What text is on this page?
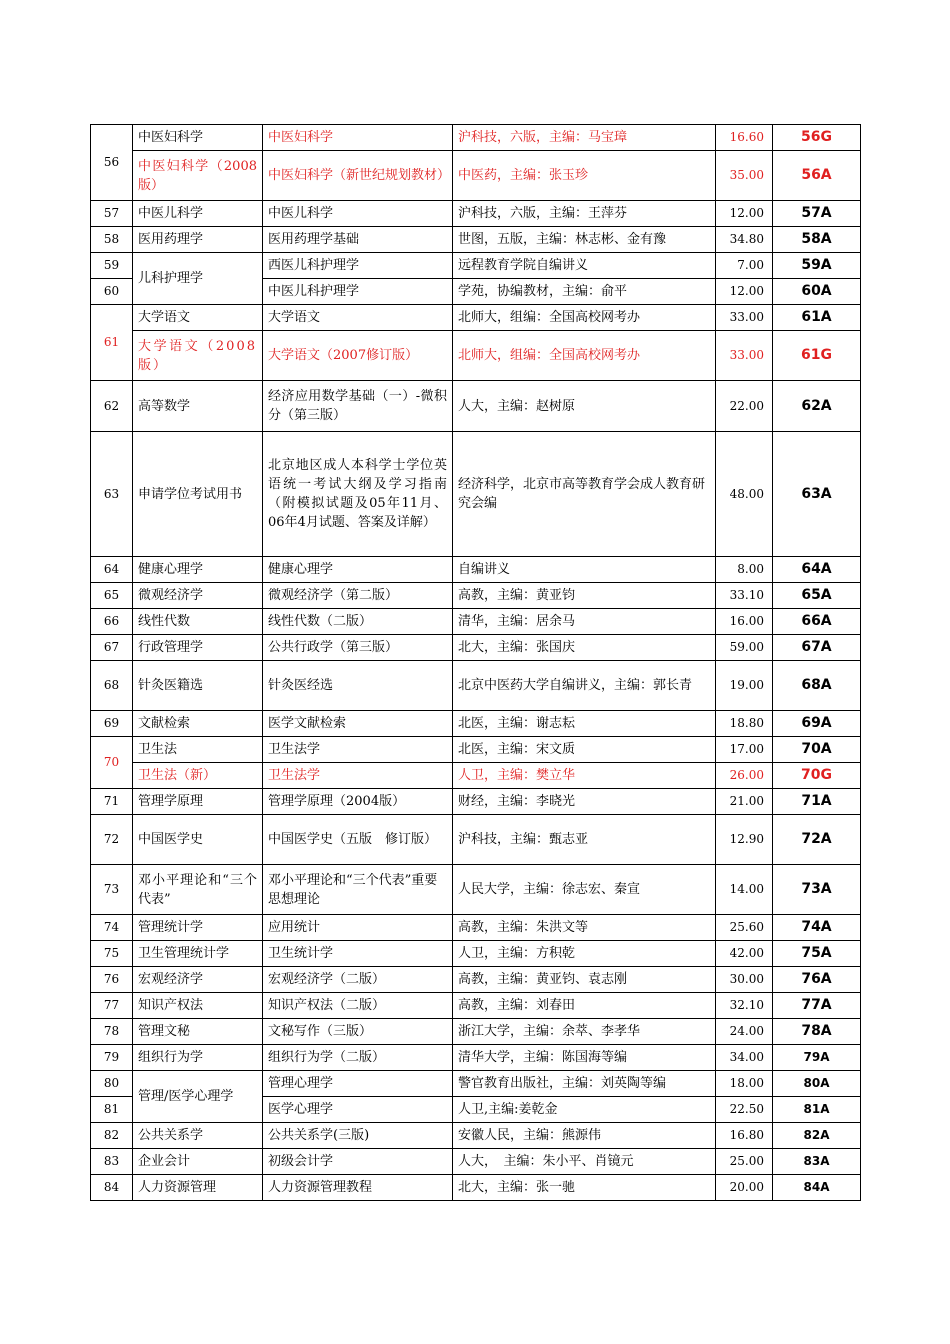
56	中医妇科学	中医妇科学	沪科技，六版，主编：马宝璋	16.60	56G
	中医妇科学（2008版）	中医妇科学（新世纪规划教材）	中医药，主编：张玉珍	35.00	56A
57	中医儿科学	中医儿科学	沪科技，六版，主编：王萍芬	12.00	57A
58	医用药理学	医用药理学基础	世图，五版，主编：林志彬、金有豫	34.80	58A
59	儿科护理学	西医儿科护理学	远程教育学院自编讲义	7.00	59A
60		中医儿科护理学	学苑，协编教材，主编：俞平	12.00	60A
61	大学语文	大学语文	北师大，组编：全国高校网考办	33.00	61A
	大学语文（2008版）	大学语文（2007修订版）	北师大，组编：全国高校网考办	33.00	61G
62	高等数学	经济应用数学基础（一）-微积分（第三版）	人大，主编：赵树原	22.00	62A
63	申请学位考试用书	北京地区成人本科学士学位英语统一考试大纲及学习指南（附模拟试题及05年11月、06年4月试题、答案及详解）	经济科学，北京市高等教育学会成人教育研究会编	48.00	63A
64	健康心理学	健康心理学	自编讲义	8.00	64A
65	微观经济学	微观经济学（第二版）	高教，主编：黄亚钧	33.10	65A
66	线性代数	线性代数（二版）	清华，主编：居余马	16.00	66A
67	行政管理学	公共行政学（第三版）	北大，主编：张国庆	59.00	67A
68	针灸医籍选	针灸医经选	北京中医药大学自编讲义，主编：郭长青	19.00	68A
69	文献检索	医学文献检索	北医，主编：谢志耘	18.80	69A
70	卫生法	卫生法学	北医，主编：宋文质	17.00	70A
	卫生法（新）	卫生法学	人卫，主编：樊立华	26.00	70G
71	管理学原理	管理学原理（2004版）	财经，主编：李晓光	21.00	71A
72	中国医学史	中国医学史（五版　修订版）	沪科技，主编：甄志亚	12.90	72A
73	邓小平理论和“三个代表”	邓小平理论和“三个代表”重要思想理论	人民大学，主编：徐志宏、秦宣	14.00	73A
74	管理统计学	应用统计	高教，主编：朱洪文等	25.60	74A
75	卫生管理统计学	卫生统计学	人卫，主编：方积乾	42.00	75A
76	宏观经济学	宏观经济学（二版）	高教，主编：黄亚钧、袁志刚	30.00	76A
77	知识产权法	知识产权法（二版）	高教，主编：刘春田	32.10	77A
78	管理文秘	文秘写作（三版）	浙江大学，主编：余萃、李孝华	24.00	78A
79	组织行为学	组织行为学（二版）	清华大学，主编：陈国海等编	34.00	79A
80	管理/医学心理学	管理心理学	警官教育出版社，主编：刘英陶等编	18.00	80A
81		医学心理学	人卫,主编:姜乾金	22.50	81A
82	公共关系学	公共关系学(三版)	安徽人民，主编：熊源伟	16.80	82A
83	企业会计	初级会计学	人大，　主编：朱小平、肖镜元	25.00	83A
84	人力资源管理	人力资源管理教程	北大，主编：张一驰	20.00	84A
